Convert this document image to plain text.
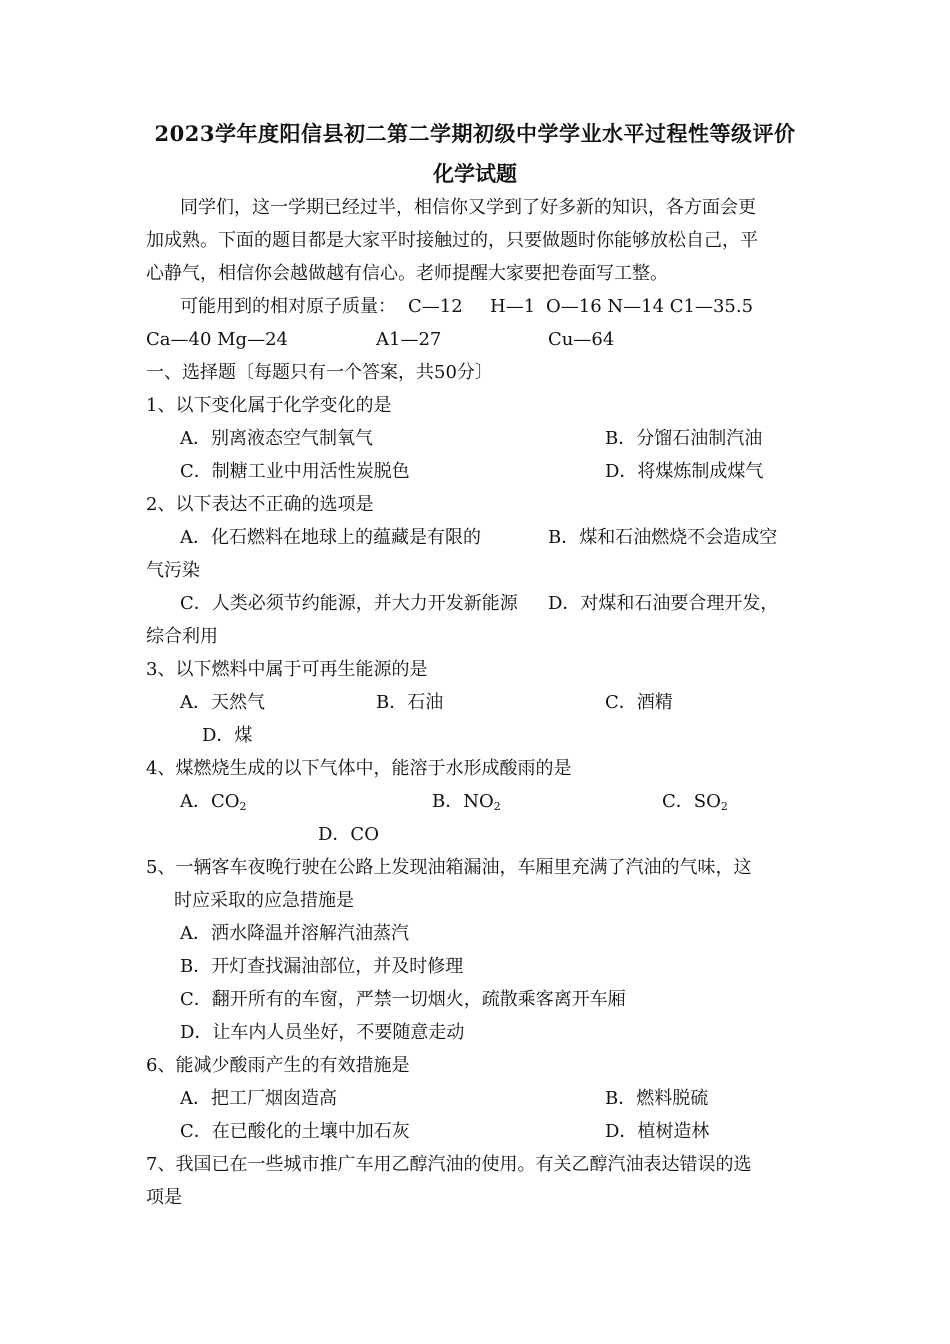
2023学年度阳信县初二第二学期初级中学学业水平过程性等级评价
化学试题
同学们，这一学期已经过半，相信你又学到了好多新的知识，各方面会更
加成熟。下面的题目都是大家平时接触过的，只要做题时你能够放松自己，平
心静气，相信你会越做越有信心。老师提醒大家要把卷面写工整。
可能用到的相对原子质量： C—12 H—1 O—16 N—14 C1—35.5
Ca—40 Mg—24	A1—27	Cu—64
一、选择题〔每题只有一个答案，共50分〕
1、以下变化属于化学变化的是
A．别离液态空气制氧气	B．分馏石油制汽油
C．制糖工业中用活性炭脱色	D．将煤炼制成煤气
2、以下表达不正确的选项是
A．化石燃料在地球上的蕴藏是有限的	B．煤和石油燃烧不会造成空
气污染
C．人类必须节约能源，并大力开发新能源 D．对煤和石油要合理开发，
综合利用
3、以下燃料中属于可再生能源的是
A．天然气	B．石油	C．酒精
D．煤
4、煤燃烧生成的以下气体中，能溶于水形成酸雨的是
A．$CO_2$	B．$NO_2$	C．$SO_2$
D．CO
5、一辆客车夜晚行驶在公路上发现油箱漏油，车厢里充满了汽油的气味，这
时应采取的应急措施是
A．洒水降温并溶解汽油蒸汽
B．开灯查找漏油部位，并及时修理
C．翻开所有的车窗，严禁一切烟火，疏散乘客离开车厢
D．让车内人员坐好，不要随意走动
6、能减少酸雨产生的有效措施是
A．把工厂烟囱造高	B．燃料脱硫
C．在已酸化的土壤中加石灰	D．植树造林
7、我国已在一些城市推广车用乙醇汽油的使用。有关乙醇汽油表达错误的选
项是
